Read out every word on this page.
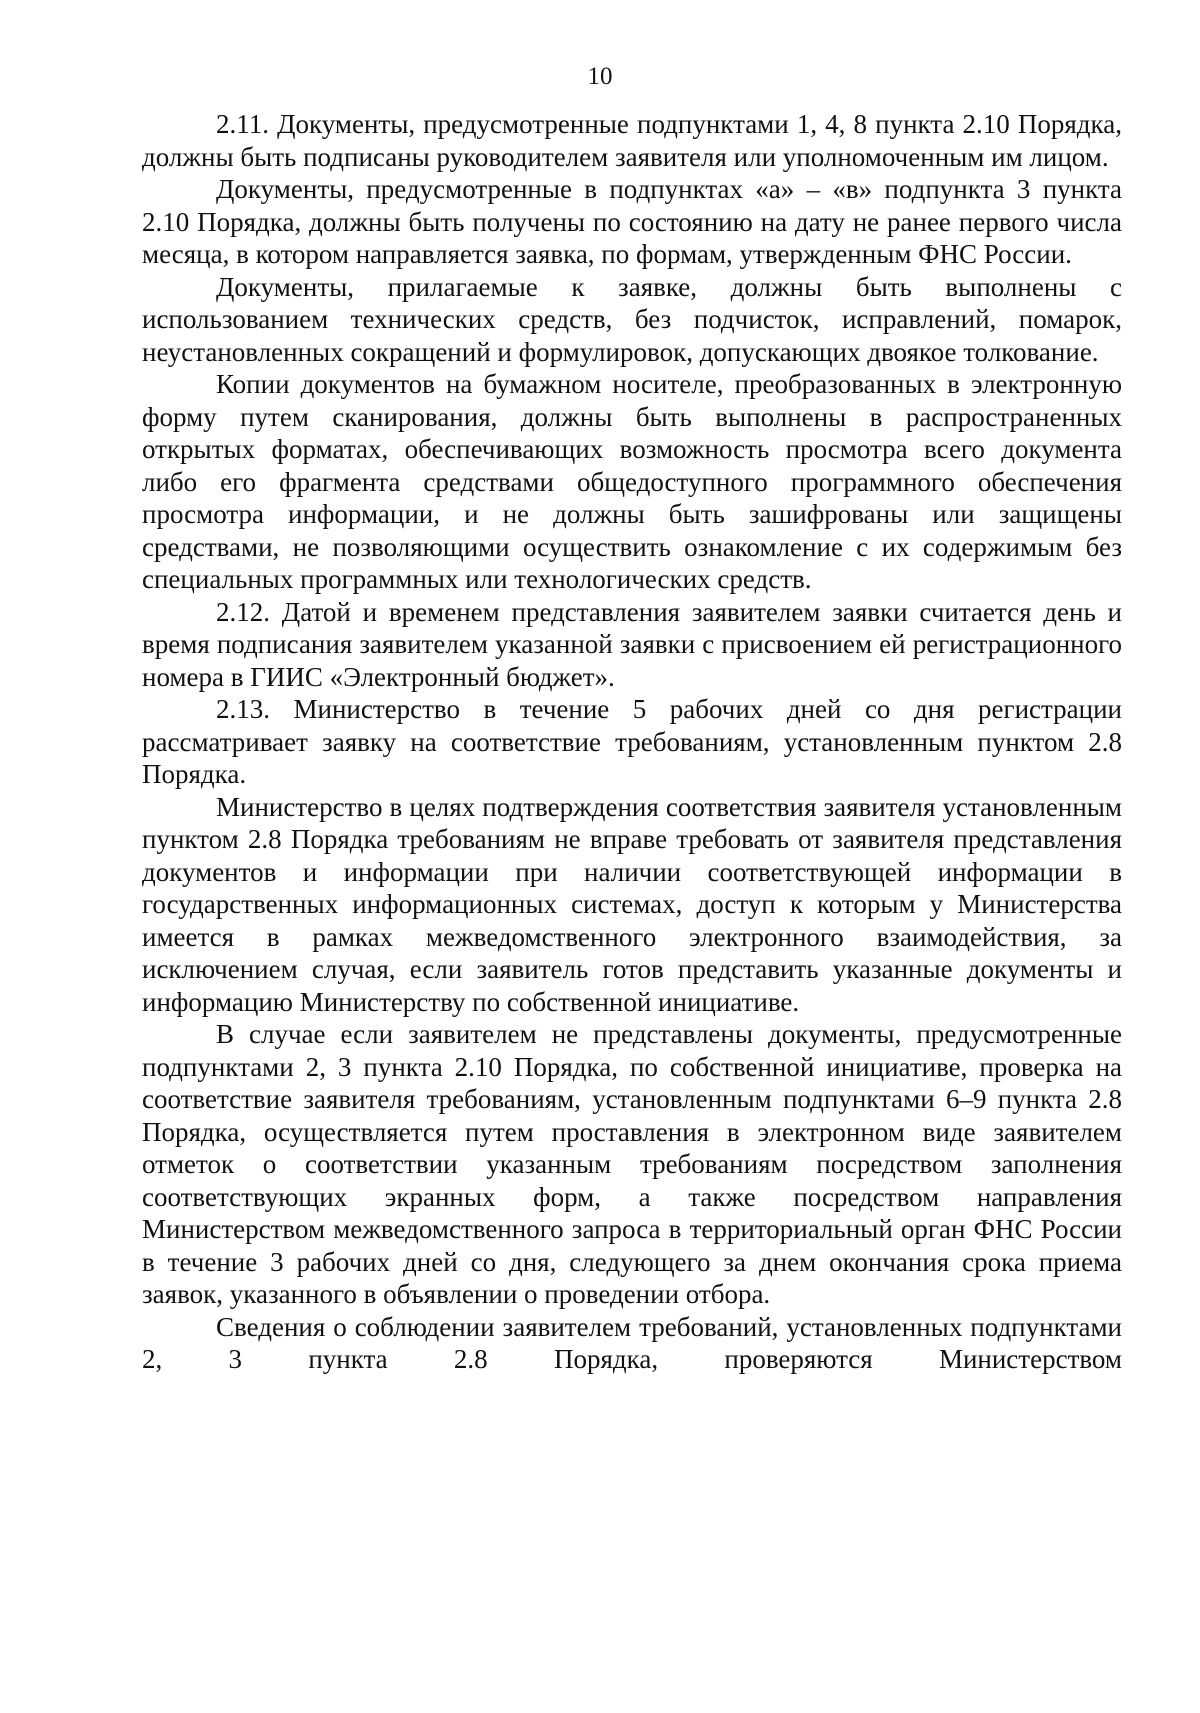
10

2.11. Документы, предусмотренные подпунктами 1, 4, 8 пункта 2.10 Порядка, должны быть подписаны руководителем заявителя или уполномоченным им лицом.

Документы, предусмотренные в подпунктах «а» – «в» подпункта 3 пункта 2.10 Порядка, должны быть получены по состоянию на дату не ранее первого числа месяца, в котором направляется заявка, по формам, утвержденным ФНС России.

Документы, прилагаемые к заявке, должны быть выполнены с использованием технических средств, без подчисток, исправлений, помарок, неустановленных сокращений и формулировок, допускающих двоякое толкование.

Копии документов на бумажном носителе, преобразованных в электронную форму путем сканирования, должны быть выполнены в распространенных открытых форматах, обеспечивающих возможность просмотра всего документа либо его фрагмента средствами общедоступного программного обеспечения просмотра информации, и не должны быть зашифрованы или защищены средствами, не позволяющими осуществить ознакомление с их содержимым без специальных программных или технологических средств.

2.12. Датой и временем представления заявителем заявки считается день и время подписания заявителем указанной заявки с присвоением ей регистрационного номера в ГИИС «Электронный бюджет».

2.13. Министерство в течение 5 рабочих дней со дня регистрации рассматривает заявку на соответствие требованиям, установленным пунктом 2.8 Порядка.

Министерство в целях подтверждения соответствия заявителя установленным пунктом 2.8 Порядка требованиям не вправе требовать от заявителя представления документов и информации при наличии соответствующей информации в государственных информационных системах, доступ к которым у Министерства имеется в рамках межведомственного электронного взаимодействия, за исключением случая, если заявитель готов представить указанные документы и информацию Министерству по собственной инициативе.

В случае если заявителем не представлены документы, предусмотренные подпунктами 2, 3 пункта 2.10 Порядка, по собственной инициативе, проверка на соответствие заявителя требованиям, установленным подпунктами 6–9 пункта 2.8 Порядка, осуществляется путем проставления в электронном виде заявителем отметок о соответствии указанным требованиям посредством заполнения соответствующих экранных форм, а также посредством направления Министерством межведомственного запроса в территориальный орган ФНС России в течение 3 рабочих дней со дня, следующего за днем окончания срока приема заявок, указанного в объявлении о проведении отбора.

Сведения о соблюдении заявителем требований, установленных подпунктами 2, 3 пункта 2.8 Порядка, проверяются Министерством
